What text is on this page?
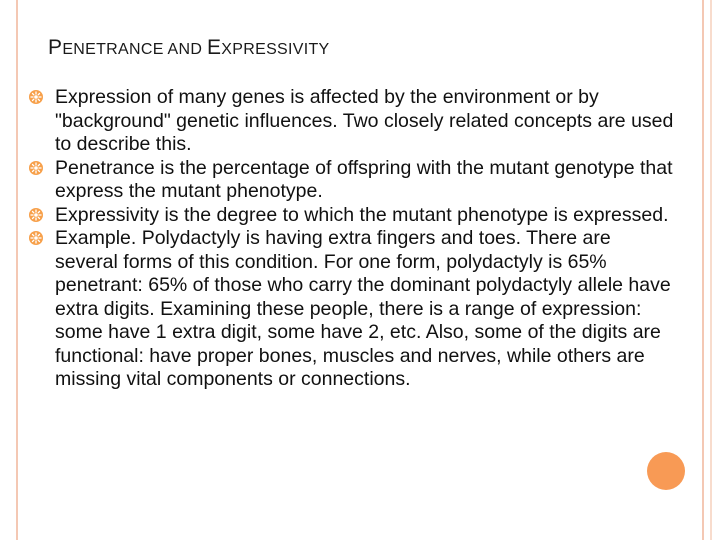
PENETRANCE AND EXPRESSIVITY
Expression of many genes is affected by the environment or by "background" genetic influences. Two closely related concepts are used to describe this.
Penetrance is the percentage of offspring with the mutant genotype that express the mutant phenotype.
Expressivity is the degree to which the mutant phenotype is expressed.
Example. Polydactyly is having extra fingers and toes. There are several forms of this condition. For one form, polydactyly is 65% penetrant: 65% of those who carry the dominant polydactyly allele have extra digits. Examining these people, there is a range of expression: some have 1 extra digit, some have 2, etc. Also, some of the digits are functional: have proper bones, muscles and nerves, while others are missing vital components or connections.
